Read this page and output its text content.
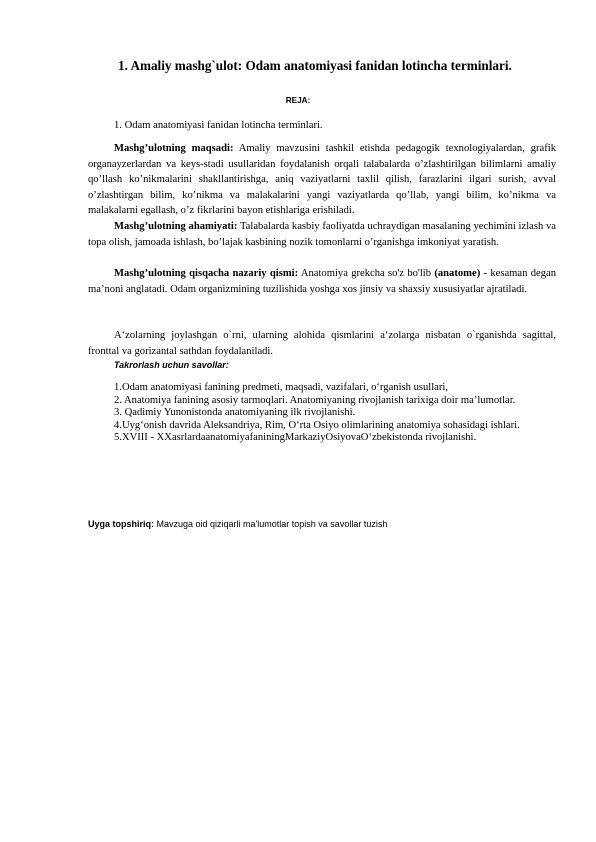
1. Amaliy mashg`ulot: Odam anatomiyasi fanidan lotincha terminlari.
REJA:
1. Odam anatomiyasi fanidan lotincha terminlari.

Mashg’ulotning maqsadi: Amaliy mavzusini tashkil etishda pedagogik texnologiyalardan, grafik organayzerlardan va keys-stadi usullaridan foydalanish orqali talabalarda o’zlashtirilgan bilimlarni amaliy qo’llash ko’nikmalarini shakllantirishga, aniq vaziyatlarni taxlil qilish, farazlarini ilgari surish, avval o’zlashtirgan bilim, ko’nikma va malakalarini yangi vaziyatlarda qo’llab, yangi bilim, ko’nikma va malakalarni egallash, o’z fikrlarini bayon etishlariga erishiladi.

Mashg’ulotning ahamiyati: Talabalarda kasbiy faoliyatda uchraydigan masalaning yechimini izlash va topa olish, jamoada ishlash, bo’lajak kasbining nozik tomonlarni o’rganishga imkoniyat yaratish.

Mashg’ulotning qisqacha nazariy qismi: Anatomiya grekcha so'z bo'lib (anatome) - kesaman degan ma’noni anglatadi. Odam organizmining tuzilishida yoshga xos jinsiy va shaxsiy xususiyatlar ajratiladi.

A‘zolarning joylashgan o`rni, ularning alohida qismlarini a‘zolarga nisbatan o`rganishda sagittal, fronttal va gorizantal sathdan foydalaniladi.

Takrorlash uchun savollar:

1.Odam anatomiyasi fanining predmeti, maqsadi, vazifalari, o‘rganish usullari,

2. Anatomiya fanining asosiy tarmoqlari. Anatomiyaning rivojlanish tarixiga doir ma’lumotlar.

3. Qadimiy Yunonistonda anatomiyaning ilk rivojlanishi.

4.Uyg‘onish davrida Aleksandriya, Rim, O‘rta Osiyo olimlarining anatomiya sohasidagi ishlari.

5.XVIII - XXasrlardaanatomiyafaniningMarkaziyOsiyovaO‘zbekistonda rivojlanishi.

Uyga topshiriq: Mavzuga oid qiziqarli ma'lumotlar topish va savollar tuzish
